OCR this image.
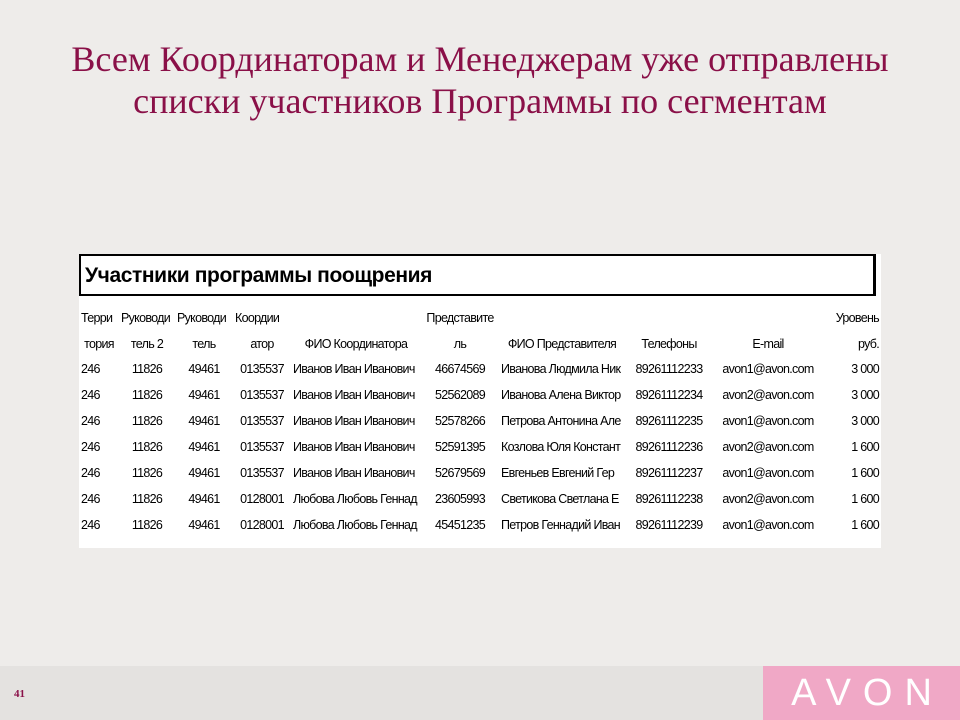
Всем Координаторам и Менеджерам уже отправлены списки участников Программы по сегментам
Участники программы поощрения
Терри	Руководи	Руководи	Коордии		Представите				Уровень
тория	тель 2	тель	атор	ФИО Координатора	ль	ФИО Представителя	Телефоны	E-mail	руб.
246	11826	49461	0135537	Иванов Иван Иванович	46674569	Иванова Людмила Ник	89261112233	avon1@avon.com	3 000
246	11826	49461	0135537	Иванов Иван Иванович	52562089	Иванова Алена Виктор	89261112234	avon2@avon.com	3 000
246	11826	49461	0135537	Иванов Иван Иванович	52578266	Петрова Антонина Але	89261112235	avon1@avon.com	3 000
246	11826	49461	0135537	Иванов Иван Иванович	52591395	Козлова Юля Констант	89261112236	avon2@avon.com	1 600
246	11826	49461	0135537	Иванов Иван Иванович	52679569	Евгеньев Евгений Гер	89261112237	avon1@avon.com	1 600
246	11826	49461	0128001	Любова Любовь Геннад	23605993	Светикова Светлана Е	89261112238	avon2@avon.com	1 600
246	11826	49461	0128001	Любова Любовь Геннад	45451235	Петров Геннадий Иван	89261112239	avon1@avon.com	1 600
41	AVON
